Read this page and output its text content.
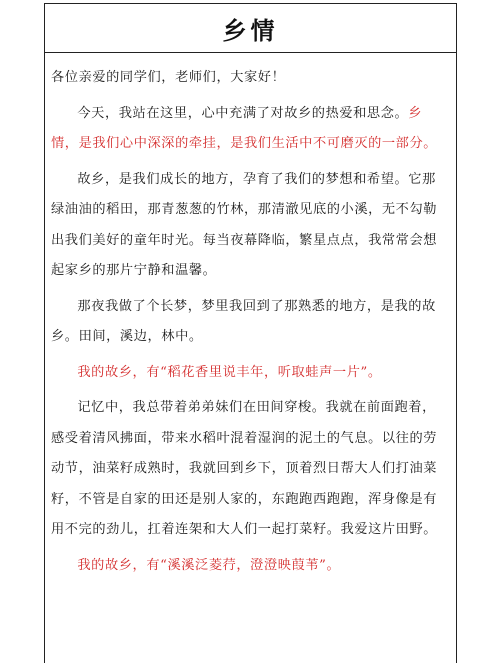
乡情

各位亲爱的同学们，老师们，大家好！

今天，我站在这里，心中充满了对故乡的热爱和思念。乡情，是我们心中深深的牵挂，是我们生活中不可磨灭的一部分。

故乡，是我们成长的地方，孕育了我们的梦想和希望。它那绿油油的稻田，那青葱葱的竹林，那清澈见底的小溪，无不勾勒出我们美好的童年时光。每当夜幕降临，繁星点点，我常常会想起家乡的那片宁静和温馨。

那夜我做了个长梦，梦里我回到了那熟悉的地方，是我的故乡。田间，溪边，林中。

我的故乡，有“稻花香里说丰年，听取蛙声一片”。

记忆中，我总带着弟弟妹们在田间穿梭。我就在前面跑着，感受着清风拂面，带来水稻叶混着湿润的泥土的气息。以往的劳动节，油菜籽成熟时，我就回到乡下，顶着烈日帮大人们打油菜籽，不管是自家的田还是别人家的，东跑跑西跑跑，浑身像是有用不完的劲儿，扛着连架和大人们一起打菜籽。我爱这片田野。

我的故乡，有“溪溪泛菱荇，澄澄映葭苇”。
